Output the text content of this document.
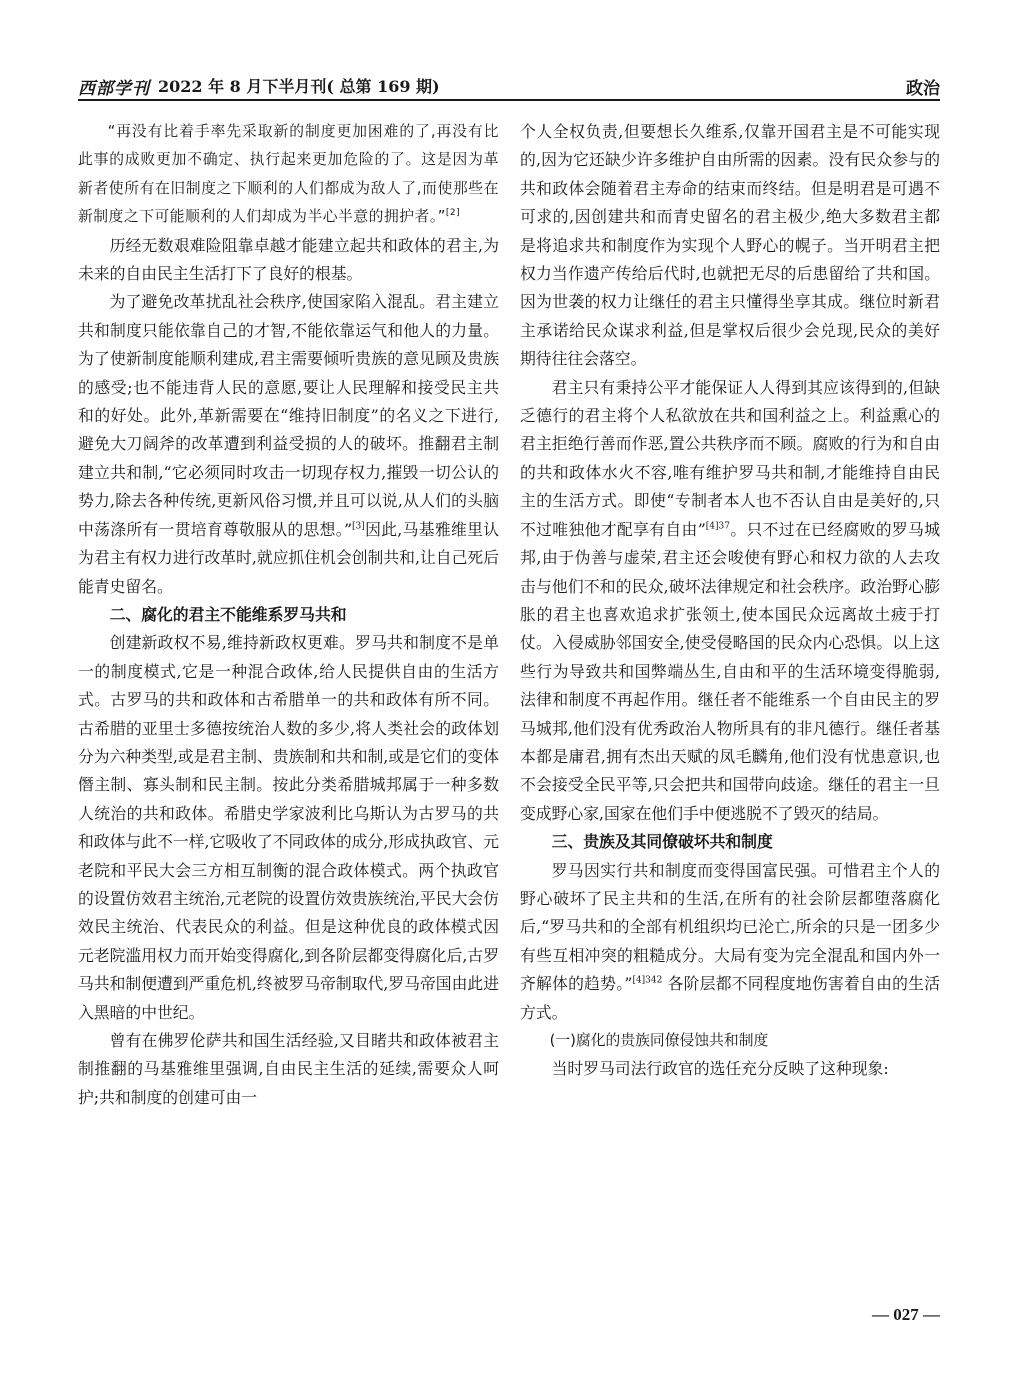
西部学刊 2022 年 8 月下半月刊( 总第 169 期)	政治

“再没有比着手率先采取新的制度更加困难的了,再没有比此事的成败更加不确定、执行起来更加危险的了。这是因为革新者使所有在旧制度之下顺利的人们都成为敌人了,而使那些在新制度之下可能顺利的人们却成为半心半意的拥护者。”[2]

历经无数艰难险阻靠卓越才能建立起共和政体的君主,为未来的自由民主生活打下了良好的根基。

为了避免改革扰乱社会秩序,使国家陷入混乱。君主建立共和制度只能依靠自己的才智,不能依靠运气和他人的力量。为了使新制度能顺利建成,君主需要倾听贵族的意见顾及贵族的感受;也不能违背人民的意愿,要让人民理解和接受民主共和的好处。此外,革新需要在“维持旧制度”的名义之下进行,避免大刀阔斧的改革遭到利益受损的人的破坏。推翻君主制建立共和制,“它必须同时攻击一切现存权力,摧毁一切公认的势力,除去各种传统,更新风俗习惯,并且可以说,从人们的头脑中荡涤所有一贯培育尊敬服从的思想。”[3]因此,马基雅维里认为君主有权力进行改革时,就应抓住机会创制共和,让自己死后能青史留名。

二、腐化的君主不能维系罗马共和

创建新政权不易,维持新政权更难。罗马共和制度不是单一的制度模式,它是一种混合政体,给人民提供自由的生活方式。古罗马的共和政体和古希腊单一的共和政体有所不同。古希腊的亚里士多德按统治人数的多少,将人类社会的政体划分为六种类型,或是君主制、贵族制和共和制,或是它们的变体僭主制、寡头制和民主制。按此分类希腊城邦属于一种多数人统治的共和政体。希腊史学家波利比乌斯认为古罗马的共和政体与此不一样,它吸收了不同政体的成分,形成执政官、元老院和平民大会三方相互制衡的混合政体模式。两个执政官的设置仿效君主统治,元老院的设置仿效贵族统治,平民大会仿效民主统治、代表民众的利益。但是这种优良的政体模式因元老院滥用权力而开始变得腐化,到各阶层都变得腐化后,古罗马共和制便遭到严重危机,终被罗马帝制取代,罗马帝国由此进入黑暗的中世纪。

曾有在佛罗伦萨共和国生活经验,又目睹共和政体被君主制推翻的马基雅维里强调,自由民主生活的延续,需要众人呵护;共和制度的创建可由一

个人全权负责,但要想长久维系,仅靠开国君主是不可能实现的,因为它还缺少许多维护自由所需的因素。没有民众参与的共和政体会随着君主寿命的结束而终结。但是明君是可遇不可求的,因创建共和而青史留名的君主极少,绝大多数君主都是将追求共和制度作为实现个人野心的幌子。当开明君主把权力当作遗产传给后代时,也就把无尽的后患留给了共和国。因为世袭的权力让继任的君主只懂得坐享其成。继位时新君主承诺给民众谋求利益,但是掌权后很少会兑现,民众的美好期待往往会落空。

君主只有秉持公平才能保证人人得到其应该得到的,但缺乏德行的君主将个人私欲放在共和国利益之上。利益熏心的君主拒绝行善而作恶,置公共秩序而不顾。腐败的行为和自由的共和政体水火不容,唯有维护罗马共和制,才能维持自由民主的生活方式。即使“专制者本人也不否认自由是美好的,只不过唯独他才配享有自由”$^{[4]37}$。只不过在已经腐败的罗马城邦,由于伪善与虚荣,君主还会唆使有野心和权力欲的人去攻击与他们不和的民众,破坏法律规定和社会秩序。政治野心膨胀的君主也喜欢追求扩张领土,使本国民众远离故土疲于打仗。入侵威胁邻国安全,使受侵略国的民众内心恐惧。以上这些行为导致共和国弊端丛生,自由和平的生活环境变得脆弱,法律和制度不再起作用。继任者不能维系一个自由民主的罗马城邦,他们没有优秀政治人物所具有的非凡德行。继任者基本都是庸君,拥有杰出天赋的凤毛麟角,他们没有忧患意识,也不会接受全民平等,只会把共和国带向歧途。继任的君主一旦变成野心家,国家在他们手中便逃脱不了毁灭的结局。

三、贵族及其同僚破坏共和制度

罗马因实行共和制度而变得国富民强。可惜君主个人的野心破坏了民主共和的生活,在所有的社会阶层都堕落腐化后,“罗马共和的全部有机组织均已沦亡,所余的只是一团多少有些互相冲突的粗糙成分。大局有变为完全混乱和国内外一齐解体的趋势。”$^{[4]342}$ 各阶层都不同程度地伤害着自由的生活方式。

(一)腐化的贵族同僚侵蚀共和制度

当时罗马司法行政官的选任充分反映了这种现象:

— 027 —
